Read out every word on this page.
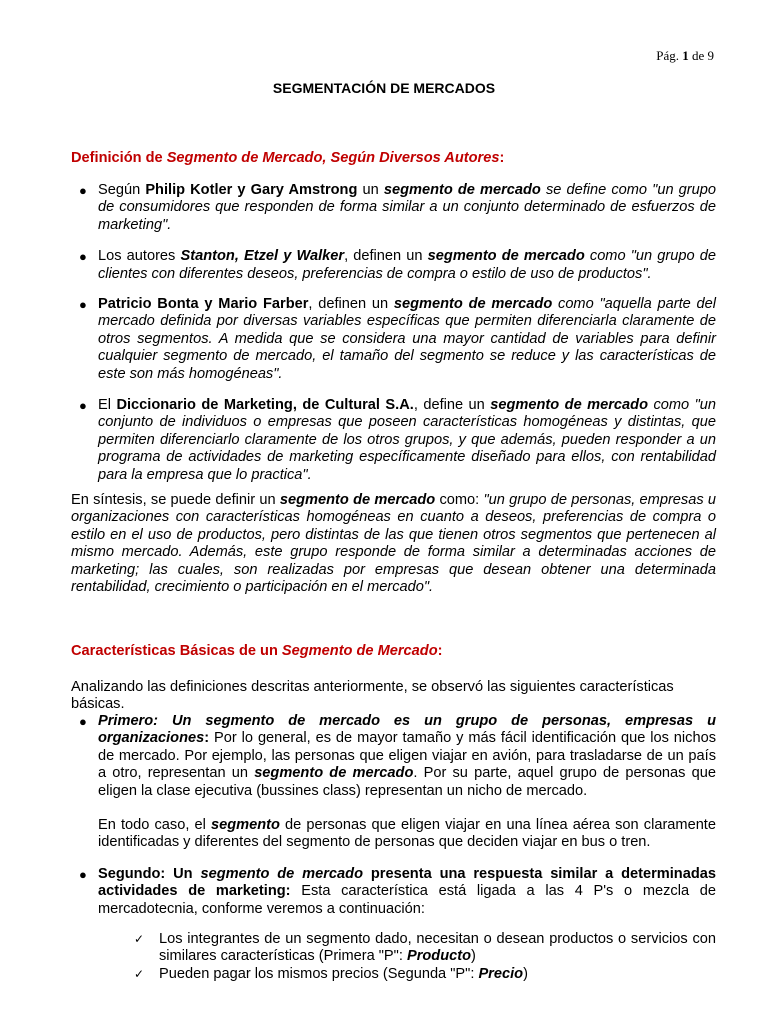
Pág. 1 de 9
SEGMENTACIÓN DE MERCADOS
Definición de Segmento de Mercado, Según Diversos Autores:
● Según Philip Kotler y Gary Amstrong un segmento de mercado se define como "un grupo de consumidores que responden de forma similar a un conjunto determinado de esfuerzos de marketing".

● Los autores Stanton, Etzel y Walker, definen un segmento de mercado como "un grupo de clientes con diferentes deseos, preferencias de compra o estilo de uso de productos".

● Patricio Bonta y Mario Farber, definen un segmento de mercado como "aquella parte del mercado definida por diversas variables específicas que permiten diferenciarla claramente de otros segmentos. A medida que se considera una mayor cantidad de variables para definir cualquier segmento de mercado, el tamaño del segmento se reduce y las características de este son más homogéneas".

● El Diccionario de Marketing, de Cultural S.A., define un segmento de mercado como "un conjunto de individuos o empresas que poseen características homogéneas y distintas, que permiten diferenciarlo claramente de los otros grupos, y que además, pueden responder a un programa de actividades de marketing específicamente diseñado para ellos, con rentabilidad para la empresa que lo practica".

En síntesis, se puede definir un segmento de mercado como: "un grupo de personas, empresas u organizaciones con características homogéneas en cuanto a deseos, preferencias de compra o estilo en el uso de productos, pero distintas de las que tienen otros segmentos que pertenecen al mismo mercado. Además, este grupo responde de forma similar a determinadas acciones de marketing; las cuales, son realizadas por empresas que desean obtener una determinada rentabilidad, crecimiento o participación en el mercado".

Características Básicas de un Segmento de Mercado:

Analizando las definiciones descritas anteriormente, se observó las siguientes características básicas.

● Primero: Un segmento de mercado es un grupo de personas, empresas u organizaciones: Por lo general, es de mayor tamaño y más fácil identificación que los nichos de mercado. Por ejemplo, las personas que eligen viajar en avión, para trasladarse de un país a otro, representan un segmento de mercado. Por su parte, aquel grupo de personas que eligen la clase ejecutiva (bussines class) representan un nicho de mercado.

En todo caso, el segmento de personas que eligen viajar en una línea aérea son claramente identificadas y diferentes del segmento de personas que deciden viajar en bus o tren.

● Segundo: Un segmento de mercado presenta una respuesta similar a determinadas actividades de marketing: Esta característica está ligada a las 4 P's o mezcla de mercadotecnia, conforme veremos a continuación:

✓ Los integrantes de un segmento dado, necesitan o desean productos o servicios con similares características (Primera "P": Producto)

✓ Pueden pagar los mismos precios (Segunda "P": Precio)
